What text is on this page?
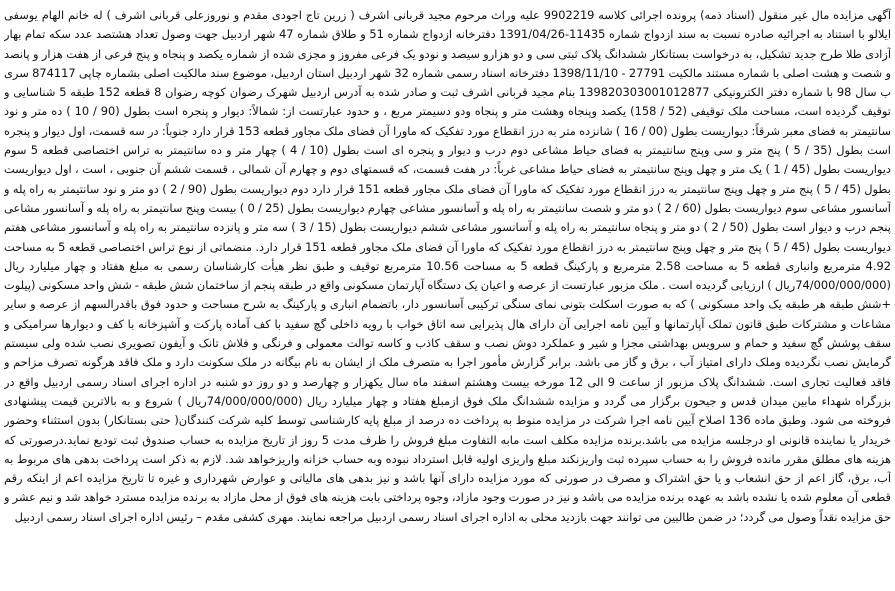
آگهی مزایده مال غیر منقول (اسناد ذمه) پرونده اجرائی کلاسه 9902219 علیه وراث مرحوم مجید قربانی اشرف ( زرین تاج اجودی مقدم و نوروزعلی قربانی اشرف ) له خانم الهام یوسفی ایلالو با استناد به اجرائیه صادره نسبت به سند ازدواج شماره 11435-1391/04/26 دفترخانه ازدواج شماره 51 و طلاق شماره 47 شهر اردبیل جهت وصول تعداد هشتصد عدد سکه تمام بهار آزادی طلا طرح جدید تشکیل، به درخواست بستانکار ششدانگ پلاک ثبتی سی و دو هزارو سیصد و نودو یک فرعی مفروز و مجزی شده از شماره یکصد و پنجاه و پنج فرعی از هفت هزار و پانصد و شصت و هشت اصلی با شماره مستند مالکیت 27791 - 1398/11/10 دفترخانه اسناد رسمی شماره 32 شهر اردبیل استان اردبیل، موضوع سند مالکیت اصلی بشماره چاپی 874117 سری ب سال 98 با شماره دفتر الکترونیکی 139820303001012877 بنام مجید قربانی اشرف ثبت و صادر شده به آدرس اردبیل شهرک رضوان کوچه رضوان 8 قطعه 152 طبقه 5 شناسایی و توقیف گردیده است، مساحت ملک توقیفی (52 / 158) یکصد وپنجاه وهشت متر و پنجاه ودو دسیمتر مربع ، و حدود عبارتست از: شمالاً: دیوار و پنجره است بطول (90 / 10 ) ده متر و نود سانتیمتر به فضای معبر شرقاً: دیواریست بطول (00 / 16 ) شانزده متر به درز انقطاع مورد تفکیک که ماورا آن فضای ملک مجاور قطعه 153 قرار دارد جنوباً: در سه قسمت، اول دیوار و پنجره است بطول (35 / 5 ) پنج متر و سی وپنج سانتیمتر به فضای حیاط مشاعی دوم درب و دیوار و پنجره ای است بطول (10 / 4 ) چهار متر و ده سانتیمتر به تراس اختصاصی قطعه 5 سوم دیواریست بطول (45 / 1 ) یک متر و چهل وپنج سانتیمتر به فضای حیاط مشاعی غرباً: در هفت قسمت، که قسمتهای دوم و چهارم آن شمالی ، قسمت ششم آن جنوبی ، است ، اول دیواریست بطول (45 / 5 ) پنج متر و چهل وپنج سانتیمتر به درز انقطاع مورد تفکیک که ماورا آن فضای ملک مجاور قطعه 151 قرار دارد دوم دیواریست بطول (90 / 2 ) دو متر و نود سانتیمتر به راه پله و آسانسور مشاعی سوم دیواریست بطول (60 / 2 ) دو متر و شصت سانتیمتر به راه پله و آسانسور مشاعی چهارم دیواریست بطول (25 / 0 ) بیست وپنج سانتیمتر به راه پله و آسانسور مشاعی پنجم درب و دیوار است بطول (50 / 2 ) دو متر و پنجاه سانتیمتر به راه پله و آسانسور مشاعی ششم دیواریست بطول (15 / 3 ) سه متر و پانزده سانتیمتر به راه پله و آسانسور مشاعی هفتم دیواریست بطول (45 / 5 ) پنج متر و چهل وپنج سانتیمتر به درز انقطاع مورد تفکیک که ماورا آن فضای ملک مجاور قطعه 151 قرار دارد. منضماتی از نوع تراس اختصاصی قطعه 5 به مساحت 4.92 مترمربع وانباری قطعه 5 به مساحت 2.58 مترمربع و پارکینگ قطعه 5 به مساحت 10.56 مترمربع توقیف و طبق نظر هیأت کارشناسان رسمی به مبلغ هفتاد و چهار میلیارد ریال (74/000/000/000ریال ) ارزیابی گردیده است . ملک مزبور عبارتست از عرصه و اعیان یک دستگاه آپارتمان مسکونی واقع در طبقه پنجم از ساختمان شش طبقه - شش واحد مسکونی (پیلوت +شش طبقه هر طبقه یک واحد مسکونی ) که به صورت اسکلت بتونی نمای سنگی ترکیبی آسانسور دار، باتضمام انباری و پارکینگ به شرح مساحت و حدود فوق باقدرالسهم از عرصه و سایر مشاعات و مشترکات طبق قانون تملک آپارتمانها و آیین نامه اجرایی آن دارای هال پذیرایی سه اتاق خواب با رویه داخلی گچ سفید با کف آماده پارکت و آشپزخانه با کف و دیوارها سرامیکی و سقف پوشش گچ سفید و حمام و سرویس بهداشتی مجزا و شیر و عملکرد دوش نصب و سقف کاذب و کاسه توالت معمولی و فرنگی و فلاش تانک و آیفون تصویری نصب شده ولی سیستم گرمایش نصب نگردیده وملک دارای امتیاز آب ، برق و گاز می باشد. برابر گزارش مأمور اجرا به متصرف ملک از ایشان به نام بیگانه در ملک سکونت دارد و ملک فاقد هرگونه تصرف مزاحم و فاقد فعالیت تجاری است. ششدانگ پلاک مزبور از ساعت 9 الی 12 مورخه بیست وهشتم اسفند ماه سال یکهزار و چهارصد و دو روز دو شنبه در اداره اجرای اسناد رسمی اردبیل واقع در بزرگراه شهداء مابین میدان قدس و جیحون برگزار می گردد و مزایده ششدانگ ملک فوق ازمبلغ هفتاد و چهار میلیارد ریال (74/000/000/000ریال ) شروع و به بالاترین قیمت پیشنهادی فروخته می شود. وطبق ماده 136 اصلاح آیین نامه اجرا شرکت در مزایده منوط به پرداخت ده درصد از مبلغ پایه کارشناسی توسط کلیه شرکت کنندگان( حتی بستانکار) بدون استثناء وحضور خریدار یا نماینده قانونی او درجلسه مزایده می باشد.برنده مزایده مکلف است مابه التفاوت مبلغ فروش را ظرف مدت 5 روز از تاریخ مزایده به حساب صندوق ثبت تودیع نماید.درصورتی که هزینه های مطلق مقرر مانده فروش را به حساب سپرده ثبت واریزنکند مبلغ واریزی اولیه قابل استرداد نبوده وبه حساب خزانه واریزخواهد شد. لازم به ذکر است پرداخت بدهی های مربوط به آب، برق، گاز اعم از حق انشعاب و یا حق اشتراک و مصرف در صورتی که مورد مزایده دارای آنها باشد و نیز بدهی های مالیاتی و عوارض شهرداری و غیره تا تاریخ مزایده اعم از اینکه رقم قطعی آن معلوم شده یا نشده باشد به عهده برنده مزایده می باشد و نیز در صورت وجود مازاد، وجوه پرداختی بابت هزینه های فوق از محل مازاد به برنده مزایده مسترد خواهد شد و نیم عشر و حق مزایده نقداً وصول می گردد؛ در ضمن طالبین می توانند جهت بازدید محلی به اداره اجرای اسناد رسمی اردبیل مراجعه نمایند. مهری کشفی مقدم – رئیس اداره اجرای اسناد رسمی اردبیل
